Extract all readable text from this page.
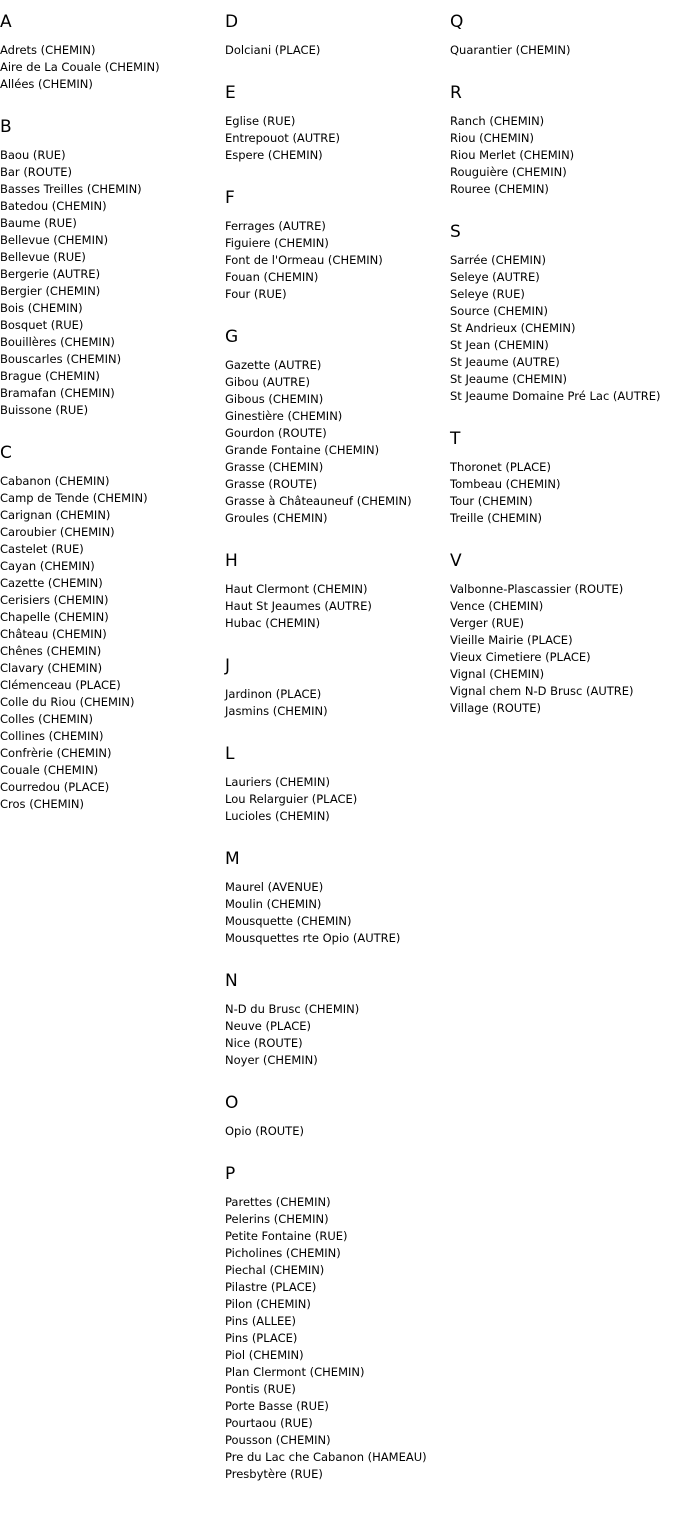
A
Adrets (CHEMIN)
Aire de La Couale (CHEMIN)
Allées (CHEMIN)
B
Baou (RUE)
Bar (ROUTE)
Basses Treilles (CHEMIN)
Batedou (CHEMIN)
Baume (RUE)
Bellevue (CHEMIN)
Bellevue (RUE)
Bergerie (AUTRE)
Bergier (CHEMIN)
Bois (CHEMIN)
Bosquet (RUE)
Bouillères (CHEMIN)
Bouscarles (CHEMIN)
Brague (CHEMIN)
Bramafan (CHEMIN)
Buissone (RUE)
C
Cabanon (CHEMIN)
Camp de Tende (CHEMIN)
Carignan (CHEMIN)
Caroubier (CHEMIN)
Castelet (RUE)
Cayan (CHEMIN)
Cazette (CHEMIN)
Cerisiers (CHEMIN)
Chapelle (CHEMIN)
Château (CHEMIN)
Chênes (CHEMIN)
Clavary (CHEMIN)
Clémenceau (PLACE)
Colle du Riou (CHEMIN)
Colles (CHEMIN)
Collines (CHEMIN)
Confrèrie (CHEMIN)
Couale (CHEMIN)
Courredou (PLACE)
Cros (CHEMIN)
D
Dolciani (PLACE)
E
Eglise (RUE)
Entrepouot (AUTRE)
Espere (CHEMIN)
F
Ferrages (AUTRE)
Figuiere (CHEMIN)
Font de l'Ormeau (CHEMIN)
Fouan (CHEMIN)
Four (RUE)
G
Gazette (AUTRE)
Gibou (AUTRE)
Gibous (CHEMIN)
Ginestière (CHEMIN)
Gourdon (ROUTE)
Grande Fontaine (CHEMIN)
Grasse (CHEMIN)
Grasse (ROUTE)
Grasse à Châteauneuf (CHEMIN)
Groules (CHEMIN)
H
Haut Clermont (CHEMIN)
Haut St Jeaumes (AUTRE)
Hubac (CHEMIN)
J
Jardinon (PLACE)
Jasmins (CHEMIN)
L
Lauriers (CHEMIN)
Lou Relarguier (PLACE)
Lucioles (CHEMIN)
M
Maurel (AVENUE)
Moulin (CHEMIN)
Mousquette (CHEMIN)
Mousquettes rte Opio (AUTRE)
N
N-D du Brusc (CHEMIN)
Neuve (PLACE)
Nice (ROUTE)
Noyer (CHEMIN)
O
Opio (ROUTE)
P
Parettes (CHEMIN)
Pelerins (CHEMIN)
Petite Fontaine (RUE)
Picholines (CHEMIN)
Piechal (CHEMIN)
Pilastre (PLACE)
Pilon (CHEMIN)
Pins (ALLEE)
Pins (PLACE)
Piol (CHEMIN)
Plan Clermont (CHEMIN)
Pontis (RUE)
Porte Basse (RUE)
Pourtaou (RUE)
Pousson (CHEMIN)
Pre du Lac che Cabanon (HAMEAU)
Presbytère (RUE)
Q
Quarantier (CHEMIN)
R
Ranch (CHEMIN)
Riou (CHEMIN)
Riou Merlet (CHEMIN)
Rouguière (CHEMIN)
Rouree (CHEMIN)
S
Sarrée (CHEMIN)
Seleye (AUTRE)
Seleye (RUE)
Source (CHEMIN)
St Andrieux (CHEMIN)
St Jean (CHEMIN)
St Jeaume (AUTRE)
St Jeaume (CHEMIN)
St Jeaume Domaine Pré Lac (AUTRE)
T
Thoronet (PLACE)
Tombeau (CHEMIN)
Tour (CHEMIN)
Treille (CHEMIN)
V
Valbonne-Plascassier (ROUTE)
Vence (CHEMIN)
Verger (RUE)
Vieille Mairie (PLACE)
Vieux Cimetiere (PLACE)
Vignal (CHEMIN)
Vignal chem N-D Brusc (AUTRE)
Village (ROUTE)
